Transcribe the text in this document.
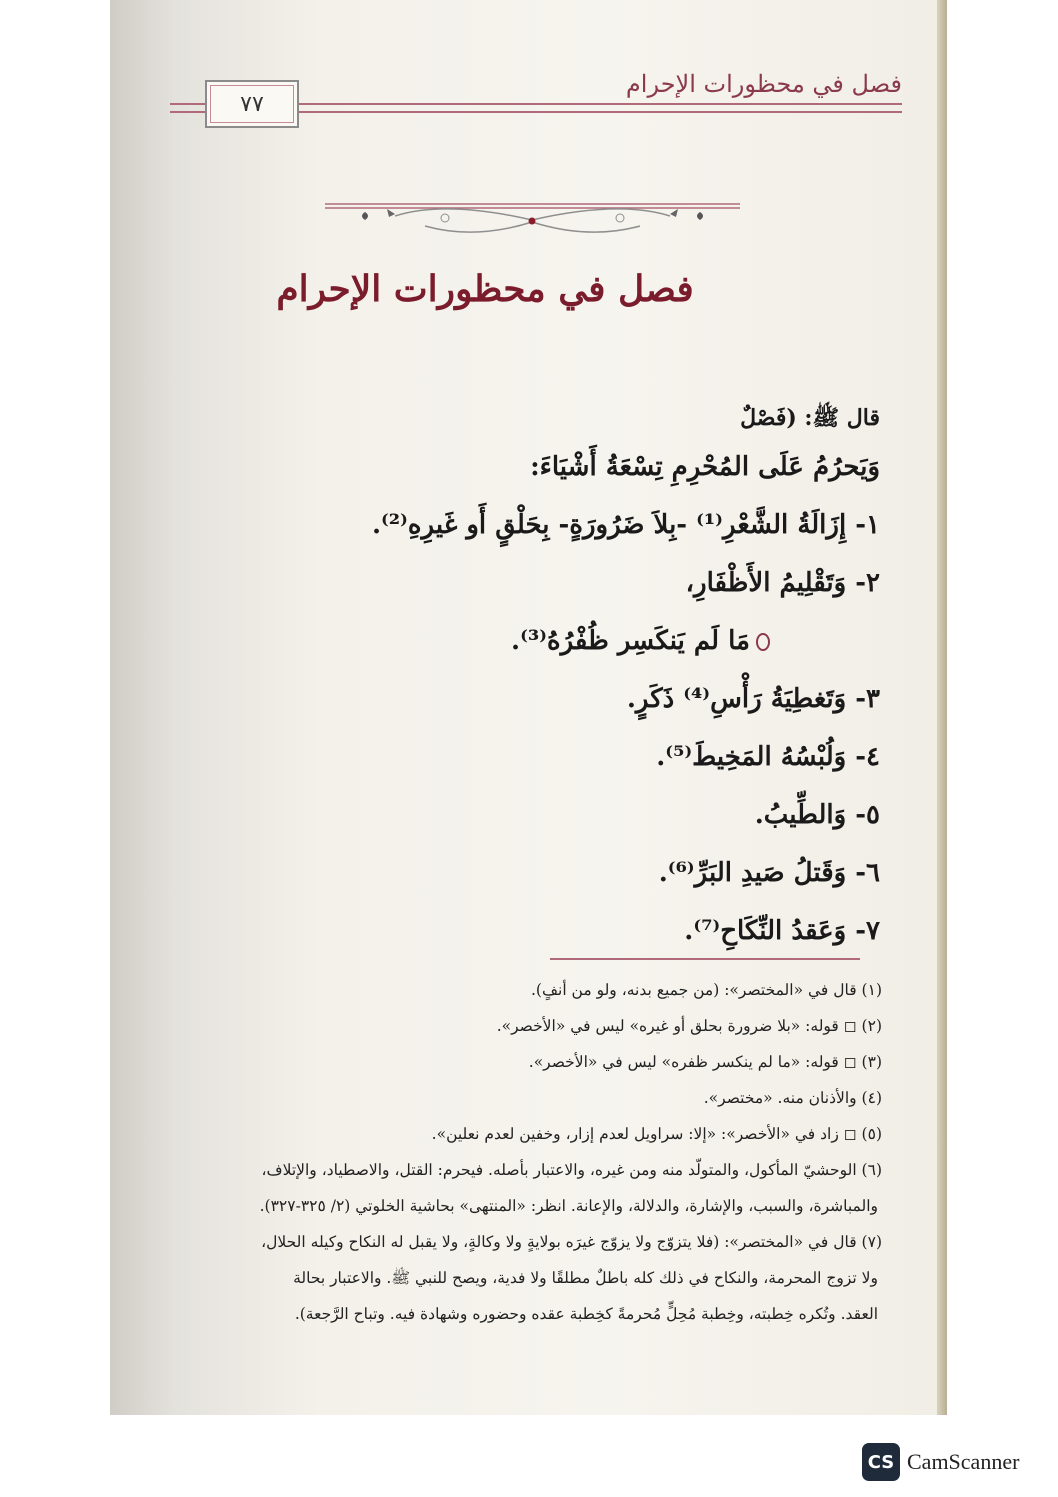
فصل في محظورات الإحرام
٧٧
فصل في محظورات الإحرام
قال ﷺ: (فَصْلٌ
وَيَحرُمُ عَلَى المُحْرِمِ تِسْعَةُ أَشْيَاءَ:
١- إِزَالَةُ الشَّعْرِ⁽¹⁾ -بِلاَ ضَرُورَةٍ- بِحَلْقٍ أَو غَيرِهِ⁽²⁾.
٢- وَتَقْلِيمُ الأَظْفَارِ،
مَا لَم يَنكَسِر ظُفْرُهُ⁽³⁾.
٣- وَتَغطِيَةُ رَأْسِ⁽⁴⁾ ذَكَرٍ.
٤- وَلُبْسُهُ المَخِيطَ⁽⁵⁾.
٥- وَالطِّيبُ.
٦- وَقَتلُ صَيدِ البَرِّ⁽⁶⁾.
٧- وَعَقدُ النِّكَاحِ⁽⁷⁾.
(١) قال في «المختصر»: (من جميع بدنه، ولو من أنفٍ).
(٢) ◻ قوله: «بلا ضرورة بحلق أو غيره» ليس في «الأخصر».
(٣) ◻ قوله: «ما لم ينكسر ظفره» ليس في «الأخصر».
(٤) والأذنان منه. «مختصر».
(٥) ◻ زاد في «الأخصر»: «إلا: سراويل لعدم إزار، وخفين لعدم نعلين».
(٦) الوحشيّ المأكول، والمتولّد منه ومن غيره، والاعتبار بأصله. فيحرم: القتل، والاصطياد، والإتلاف،
والمباشرة، والسبب، والإشارة، والدلالة، والإعانة. انظر: «المنتهى» بحاشية الخلوتي (٢/ ٣٢٥-٣٢٧).
(٧) قال في «المختصر»: (فلا يتزوّج ولا يزوّج غيرَه بولايةٍ ولا وكالةٍ، ولا يقبل له النكاح وكيله الحلال،
ولا تزوج المحرمة، والنكاح في ذلك كله باطلٌ مطلقًا ولا فدية، ويصح للنبي ﷺ. والاعتبار بحالة
العقد. وتُكره خِطبته، وخِطبة مُحِلٍّ مُحرمةً كخِطبة عقده وحضوره وشهادة فيه. وتباح الرَّجعة).
CS CamScanner
